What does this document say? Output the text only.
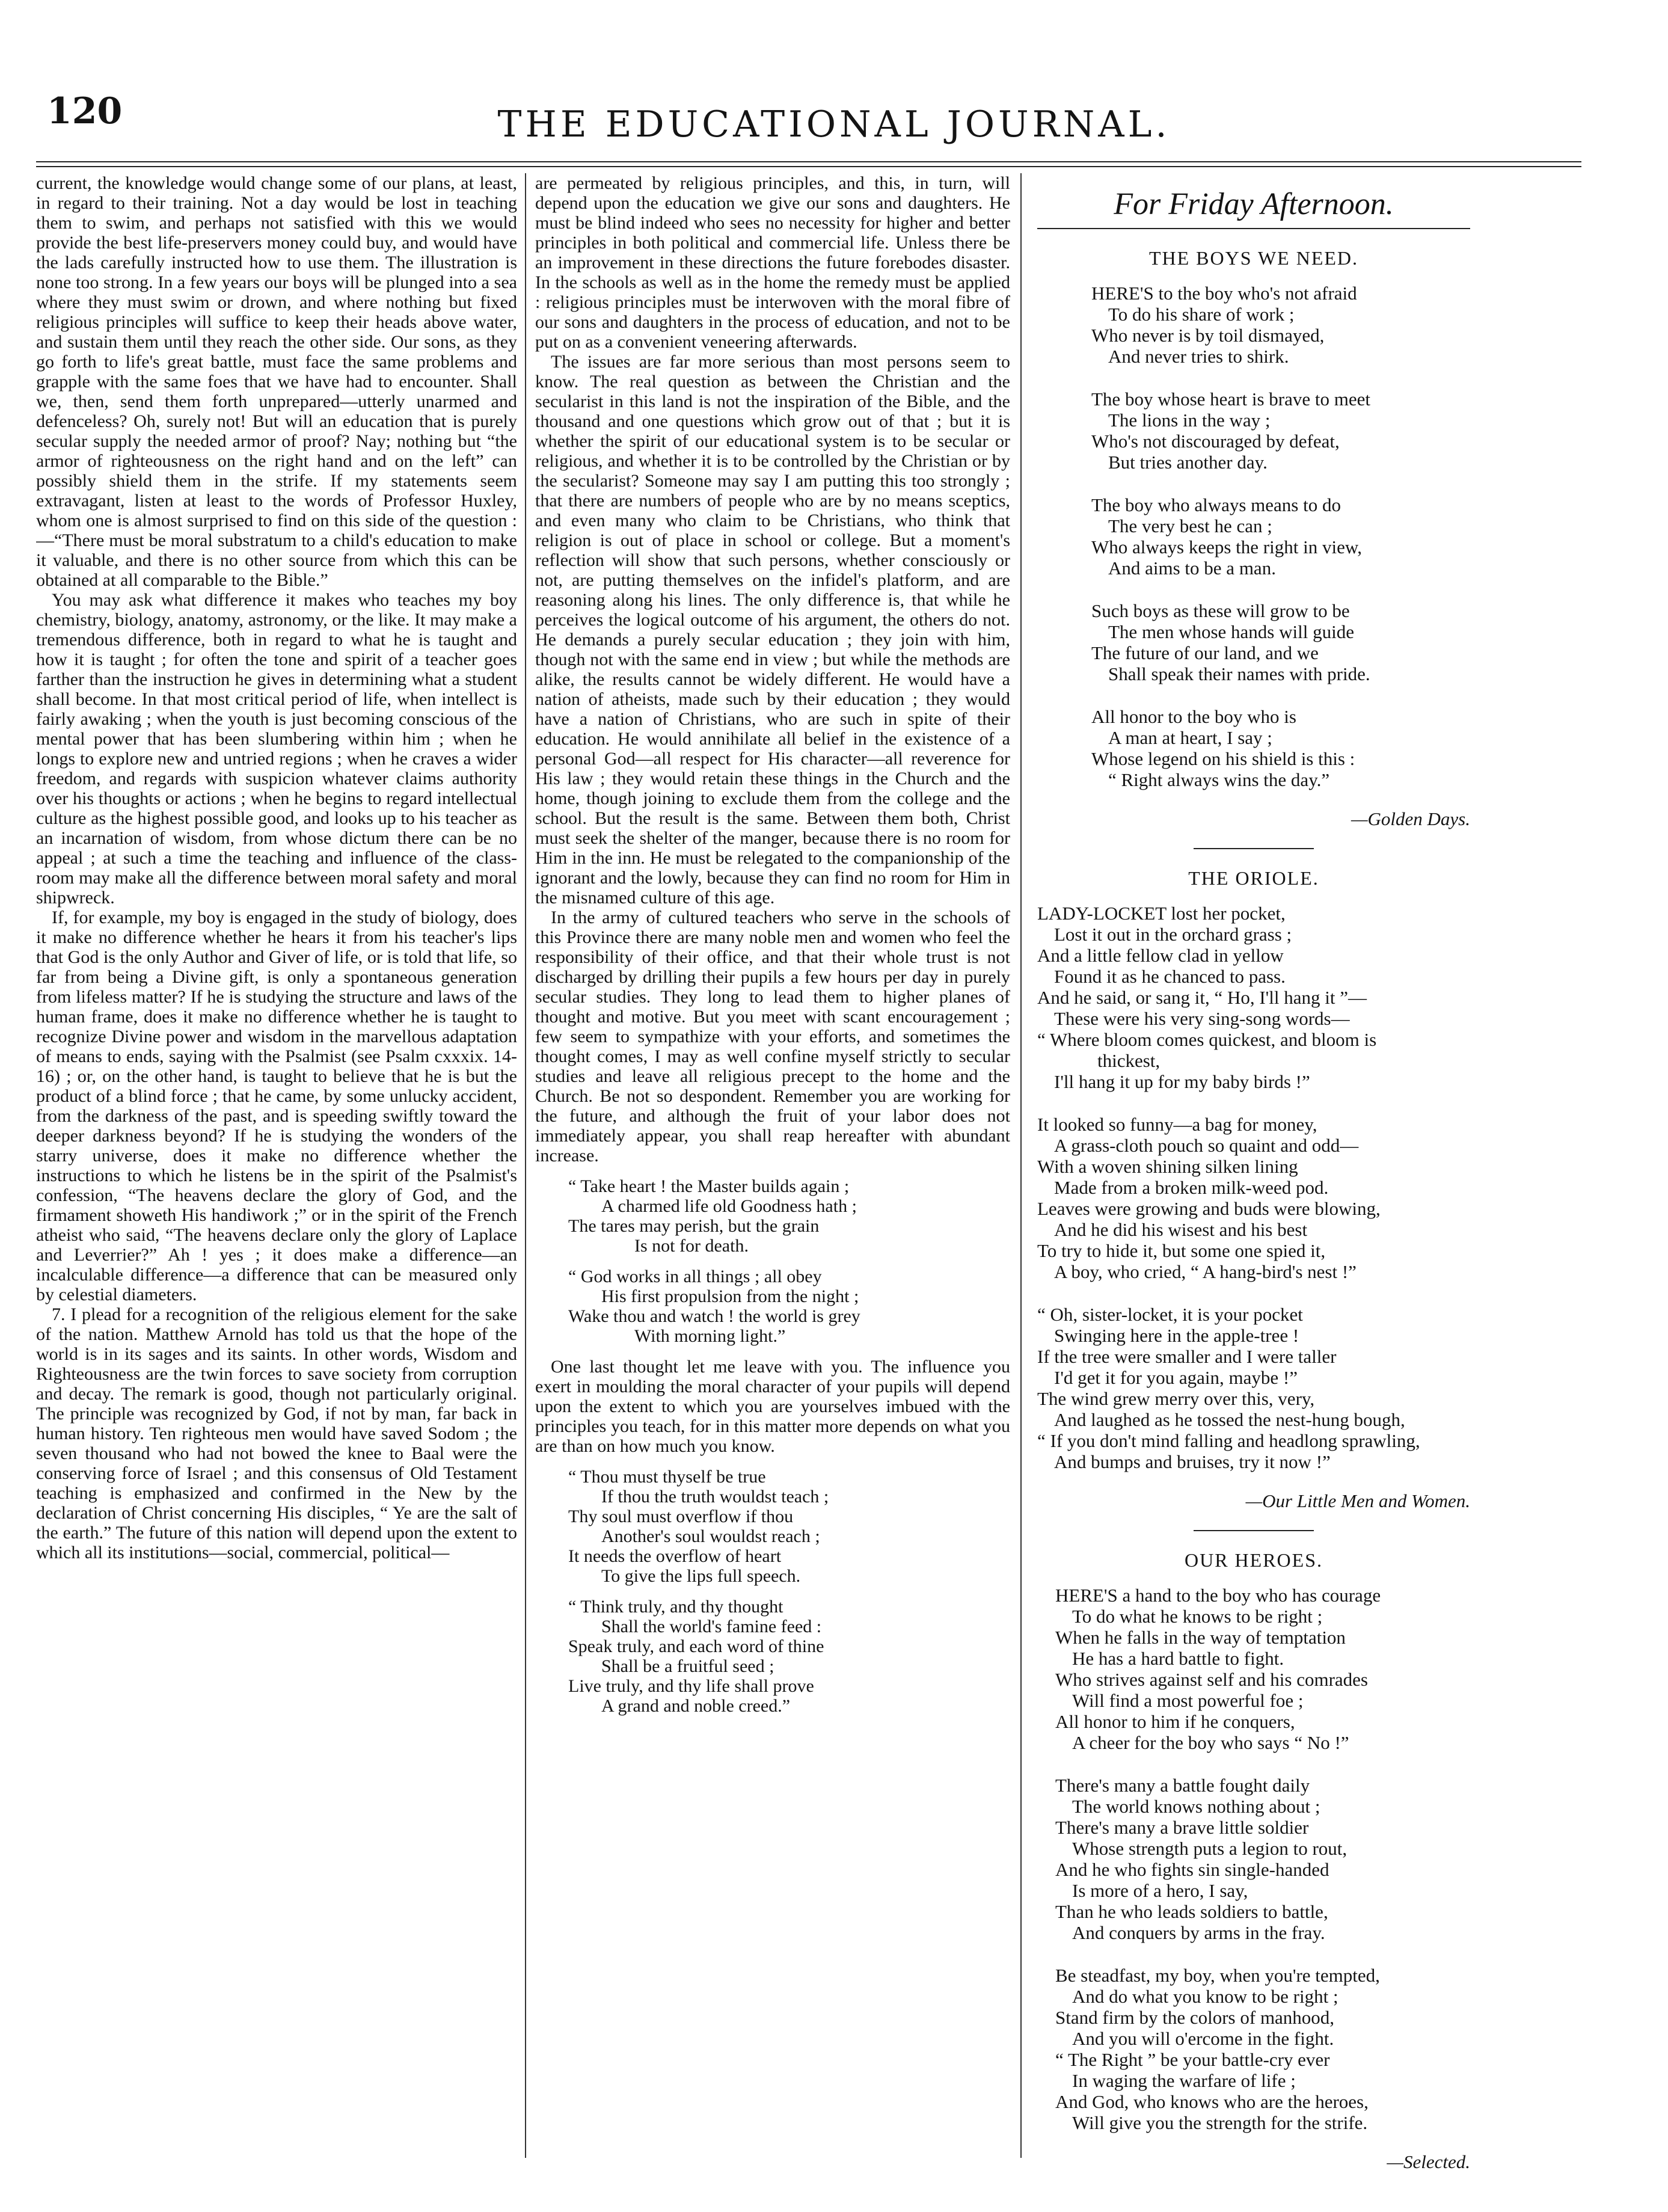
120	THE EDUCATIONAL JOURNAL.

current, the knowledge would change some of our plans, at least, in regard to their training. Not a day would be lost in teaching them to swim, and perhaps not satisfied with this we would provide the best life-preservers money could buy, and would have the lads carefully instructed how to use them. The illustration is none too strong. In a few years our boys will be plunged into a sea where they must swim or drown, and where nothing but fixed religious principles will suffice to keep their heads above water, and sustain them until they reach the other side. Our sons, as they go forth to life's great battle, must face the same problems and grapple with the same foes that we have had to encounter. Shall we, then, send them forth unprepared—utterly unarmed and defenceless? Oh, surely not! But will an education that is purely secular supply the needed armor of proof? Nay; nothing but “the armor of righteousness on the right hand and on the left” can possibly shield them in the strife. If my statements seem extravagant, listen at least to the words of Professor Huxley, whom one is almost surprised to find on this side of the question :—“There must be moral substratum to a child's education to make it valuable, and there is no other source from which this can be obtained at all comparable to the Bible.”

You may ask what difference it makes who teaches my boy chemistry, biology, anatomy, astronomy, or the like. It may make a tremendous difference, both in regard to what he is taught and how it is taught ; for often the tone and spirit of a teacher goes farther than the instruction he gives in determining what a student shall become. In that most critical period of life, when intellect is fairly awaking ; when the youth is just becoming conscious of the mental power that has been slumbering within him ; when he longs to explore new and untried regions ; when he craves a wider freedom, and regards with suspicion whatever claims authority over his thoughts or actions ; when he begins to regard intellectual culture as the highest possible good, and looks up to his teacher as an incarnation of wisdom, from whose dictum there can be no appeal ; at such a time the teaching and influence of the class-room may make all the difference between moral safety and moral shipwreck.

If, for example, my boy is engaged in the study of biology, does it make no difference whether he hears it from his teacher's lips that God is the only Author and Giver of life, or is told that life, so far from being a Divine gift, is only a spontaneous generation from lifeless matter? If he is studying the structure and laws of the human frame, does it make no difference whether he is taught to recognize Divine power and wisdom in the marvellous adaptation of means to ends, saying with the Psalmist (see Psalm cxxxix. 14-16) ; or, on the other hand, is taught to believe that he is but the product of a blind force ; that he came, by some unlucky accident, from the darkness of the past, and is speeding swiftly toward the deeper darkness beyond? If he is studying the wonders of the starry universe, does it make no difference whether the instructions to which he listens be in the spirit of the Psalmist's confession, “The heavens declare the glory of God, and the firmament showeth His handiwork ;” or in the spirit of the French atheist who said, “The heavens declare only the glory of Laplace and Leverrier?” Ah ! yes ; it does make a difference—an incalculable difference—a difference that can be measured only by celestial diameters.

7. I plead for a recognition of the religious element for the sake of the nation. Matthew Arnold has told us that the hope of the world is in its sages and its saints. In other words, Wisdom and Righteousness are the twin forces to save society from corruption and decay. The remark is good, though not particularly original. The principle was recognized by God, if not by man, far back in human history. Ten righteous men would have saved Sodom ; the seven thousand who had not bowed the knee to Baal were the conserving force of Israel ; and this consensus of Old Testament teaching is emphasized and confirmed in the New by the declaration of Christ concerning His disciples, “ Ye are the salt of the earth.” The future of this nation will depend upon the extent to which all its institutions—social, commercial, political—

are permeated by religious principles, and this, in turn, will depend upon the education we give our sons and daughters. He must be blind indeed who sees no necessity for higher and better principles in both political and commercial life. Unless there be an improvement in these directions the future forebodes disaster. In the schools as well as in the home the remedy must be applied : religious principles must be interwoven with the moral fibre of our sons and daughters in the process of education, and not to be put on as a convenient veneering afterwards.

The issues are far more serious than most persons seem to know. The real question as between the Christian and the secularist in this land is not the inspiration of the Bible, and the thousand and one questions which grow out of that ; but it is whether the spirit of our educational system is to be secular or religious, and whether it is to be controlled by the Christian or by the secularist? Someone may say I am putting this too strongly ; that there are numbers of people who are by no means sceptics, and even many who claim to be Christians, who think that religion is out of place in school or college. But a moment's reflection will show that such persons, whether consciously or not, are putting themselves on the infidel's platform, and are reasoning along his lines. The only difference is, that while he perceives the logical outcome of his argument, the others do not. He demands a purely secular education ; they join with him, though not with the same end in view ; but while the methods are alike, the results cannot be widely different. He would have a nation of atheists, made such by their education ; they would have a nation of Christians, who are such in spite of their education. He would annihilate all belief in the existence of a personal God—all respect for His character—all reverence for His law ; they would retain these things in the Church and the home, though joining to exclude them from the college and the school. But the result is the same. Between them both, Christ must seek the shelter of the manger, because there is no room for Him in the inn. He must be relegated to the companionship of the ignorant and the lowly, because they can find no room for Him in the misnamed culture of this age.

In the army of cultured teachers who serve in the schools of this Province there are many noble men and women who feel the responsibility of their office, and that their whole trust is not discharged by drilling their pupils a few hours per day in purely secular studies. They long to lead them to higher planes of thought and motive. But you meet with scant encouragement ; few seem to sympathize with your efforts, and sometimes the thought comes, I may as well confine myself strictly to secular studies and leave all religious precept to the home and the Church. Be not so despondent. Remember you are working for the future, and although the fruit of your labor does not immediately appear, you shall reap hereafter with abundant increase.

“ Take heart ! the Master builds again ;
A charmed life old Goodness hath ;
The tares may perish, but the grain
Is not for death.
“ God works in all things ; all obey
His first propulsion from the night ;
Wake thou and watch ! the world is grey
With morning light.”

One last thought let me leave with you. The influence you exert in moulding the moral character of your pupils will depend upon the extent to which you are yourselves imbued with the principles you teach, for in this matter more depends on what you are than on how much you know.

“ Thou must thyself be true
If thou the truth wouldst teach ;
Thy soul must overflow if thou
Another's soul wouldst reach ;
It needs the overflow of heart
To give the lips full speech.
“ Think truly, and thy thought
Shall the world's famine feed :
Speak truly, and each word of thine
Shall be a fruitful seed ;
Live truly, and thy life shall prove
A grand and noble creed.”
For Friday Afternoon.
THE BOYS WE NEED.
HERE'S to the boy who's not afraid
To do his share of work ;
Who never is by toil dismayed,
And never tries to shirk.
The boy whose heart is brave to meet
The lions in the way ;
Who's not discouraged by defeat,
But tries another day.
The boy who always means to do
The very best he can ;
Who always keeps the right in view,
And aims to be a man.
Such boys as these will grow to be
The men whose hands will guide
The future of our land, and we
Shall speak their names with pride.
All honor to the boy who is
A man at heart, I say ;
Whose legend on his shield is this :
“ Right always wins the day.”
—Golden Days.
THE ORIOLE.
LADY-LOCKET lost her pocket,
Lost it out in the orchard grass ;
And a little fellow clad in yellow
Found it as he chanced to pass.
And he said, or sang it, “ Ho, I'll hang it ”—
These were his very sing-song words—
“ Where bloom comes quickest, and bloom is
thickest,
I'll hang it up for my baby birds !”
It looked so funny—a bag for money,
A grass-cloth pouch so quaint and odd—
With a woven shining silken lining
Made from a broken milk-weed pod.
Leaves were growing and buds were blowing,
And he did his wisest and his best
To try to hide it, but some one spied it,
A boy, who cried, “ A hang-bird's nest !”
“ Oh, sister-locket, it is your pocket
Swinging here in the apple-tree !
If the tree were smaller and I were taller
I'd get it for you again, maybe !”
The wind grew merry over this, very,
And laughed as he tossed the nest-hung bough,
“ If you don't mind falling and headlong sprawling,
And bumps and bruises, try it now !”
—Our Little Men and Women.
OUR HEROES.
HERE'S a hand to the boy who has courage
To do what he knows to be right ;
When he falls in the way of temptation
He has a hard battle to fight.
Who strives against self and his comrades
Will find a most powerful foe ;
All honor to him if he conquers,
A cheer for the boy who says “ No !”
There's many a battle fought daily
The world knows nothing about ;
There's many a brave little soldier
Whose strength puts a legion to rout,
And he who fights sin single-handed
Is more of a hero, I say,
Than he who leads soldiers to battle,
And conquers by arms in the fray.
Be steadfast, my boy, when you're tempted,
And do what you know to be right ;
Stand firm by the colors of manhood,
And you will o'ercome in the fight.
“ The Right ” be your battle-cry ever
In waging the warfare of life ;
And God, who knows who are the heroes,
Will give you the strength for the strife.
—Selected.
